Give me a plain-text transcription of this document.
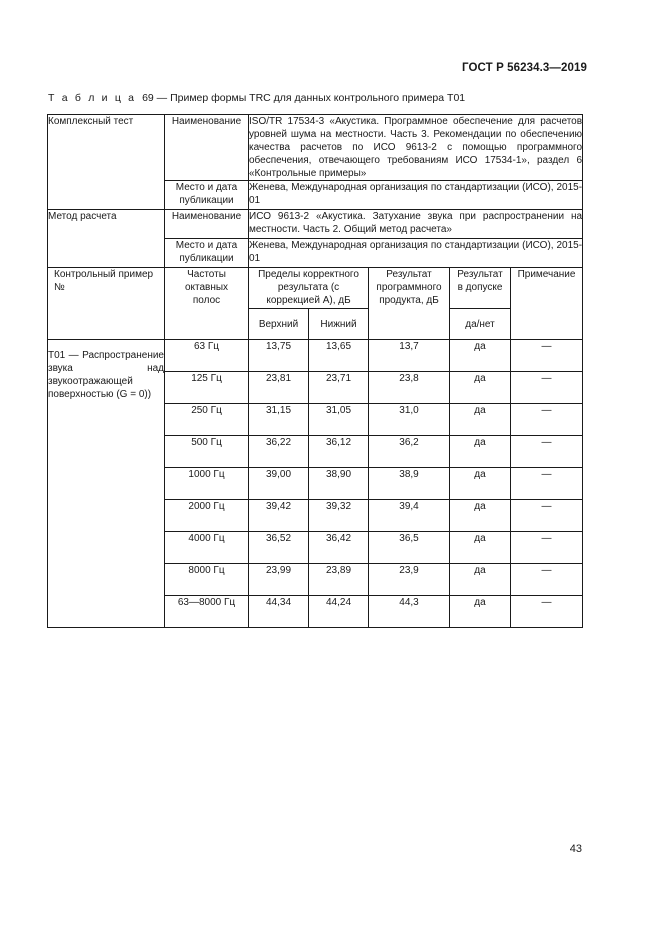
ГОСТ Р 56234.3—2019
Т а б л и ц а 69 — Пример формы TRC для данных контрольного примера Т01
Комплексный тест	Наименование	ISO/TR 17534-3 «Акустика. Программное обеспечение для расчетов уровней шума на местности. Часть 3. Рекомендации по обеспечению качества расчетов по ИСО 9613-2 с помощью программного обеспечения, отвечающего требованиям ИСО 17534-1», раздел 6 «Контрольные примеры»				
	Место и дата публикации	Женева, Международная организация по стандартизации (ИСО), 2015-01				
Метод расчета	Наименование	ИСО 9613-2 «Акустика. Затухание звука при распространении на местности. Часть 2. Общий метод расчета»				
	Место и дата публикации	Женева, Международная организация по стандартизации (ИСО), 2015-01				
Контрольный пример №	Частоты октавных полос	Пределы корректного результата (с коррекцией А), дБ		Результат программного продукта, дБ	Результат в допуске	Примечание
		Верхний	Нижний		да/нет	
Т01 — Распространение звука над звукоотражающей поверхностью (G = 0))	63 Гц	13,75	13,65	13,7	да	—
	125 Гц	23,81	23,71	23,8	да	—
	250 Гц	31,15	31,05	31,0	да	—
	500 Гц	36,22	36,12	36,2	да	—
	1000 Гц	39,00	38,90	38,9	да	—
	2000 Гц	39,42	39,32	39,4	да	—
	4000 Гц	36,52	36,42	36,5	да	—
	8000 Гц	23,99	23,89	23,9	да	—
	63—8000 Гц	44,34	44,24	44,3	да	—
43
